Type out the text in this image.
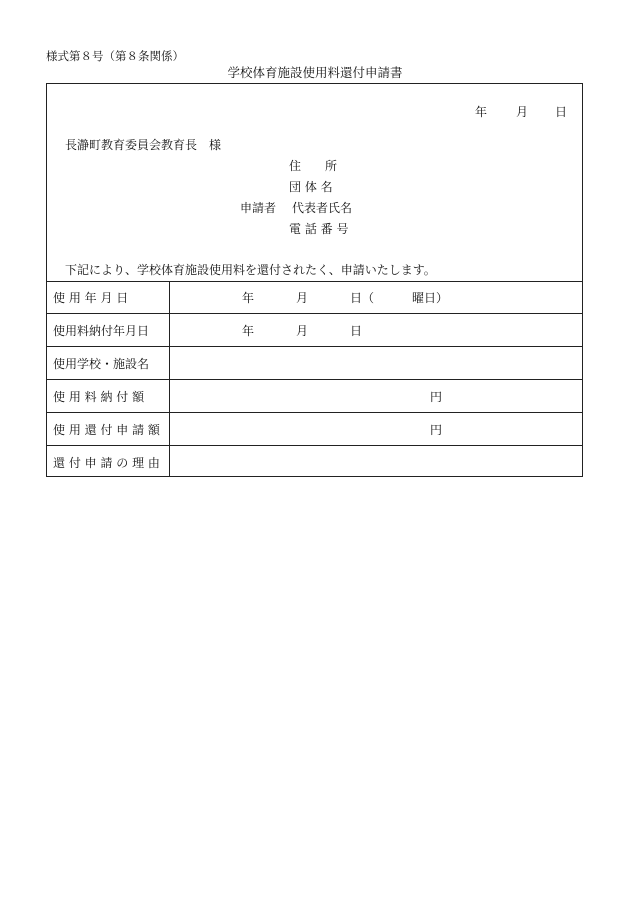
様式第８号（第８条関係）
学校体育施設使用料還付申請書
年 月 日
長瀞町教育委員会教育長　様
住　　所
団 体 名
申請者 代表者氏名
電 話 番 号
下記により、学校体育施設使用料を還付されたく、申請いたします。
使 用 年 月 日	年	月	日（	曜日）
使用料納付年月日	年	月	日
使用学校・施設名
使 用 料 納 付 額	円
使 用 還 付 申 請 額	円
還 付 申 請 の 理 由
